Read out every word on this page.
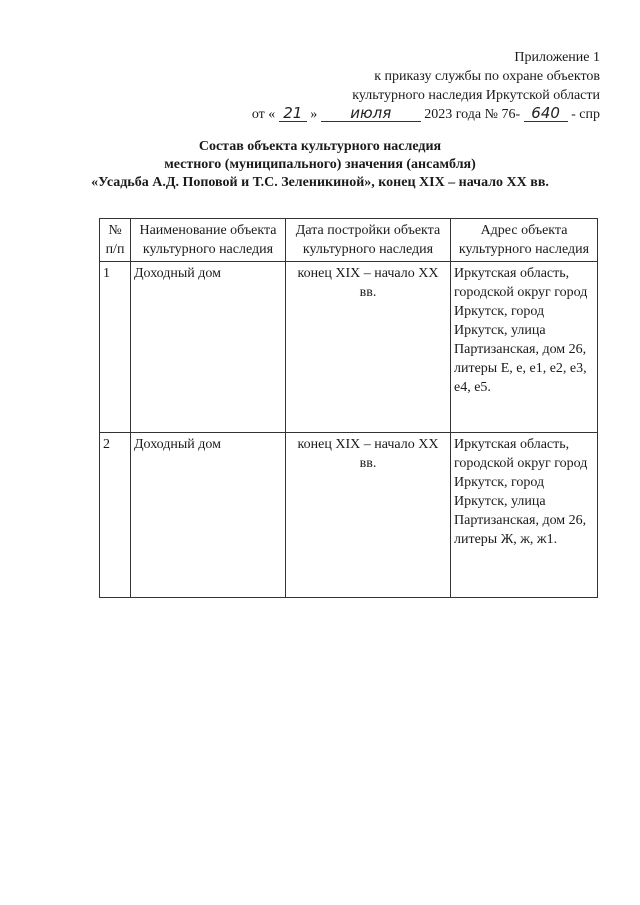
Приложение 1
к приказу службы по охране объектов
культурного наследия Иркутской области
от « 21 » июля 2023 года № 76- 640 - спр
Состав объекта культурного наследия
местного (муниципального) значения (ансамбля)
«Усадьба А.Д. Поповой и Т.С. Зеленикиной», конец XIX – начало XX вв.
№ п/п	Наименование объекта культурного наследия	Дата постройки объекта культурного наследия	Адрес объекта культурного наследия
1	Доходный дом	конец XIX – начало XX вв.	Иркутская область, городской округ город Иркутск, город Иркутск, улица Партизанская, дом 26, литеры Е, е, е1, е2, е3, е4, е5.
2	Доходный дом	конец XIX – начало XX вв.	Иркутская область, городской округ город Иркутск, город Иркутск, улица Партизанская, дом 26, литеры Ж, ж, ж1.
